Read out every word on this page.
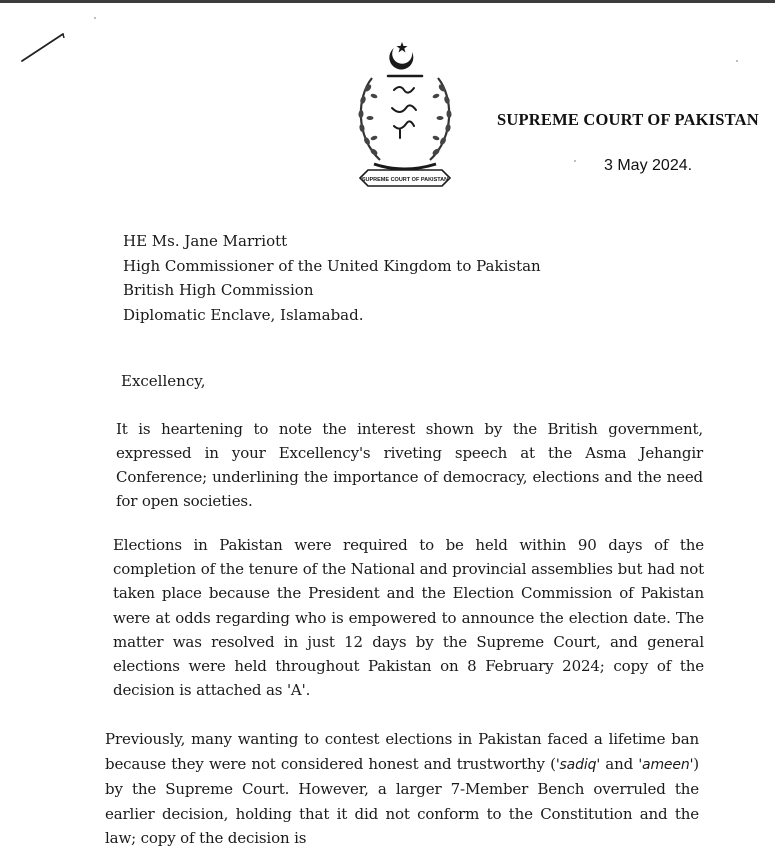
SUPREME COURT OF PAKISTAN
SUPREME COURT OF PAKISTAN
3 May 2024.
HE Ms. Jane Marriott
High Commissioner of the United Kingdom to Pakistan
British High Commission
Diplomatic Enclave, Islamabad.
Excellency,

It is heartening to note the interest shown by the British government, expressed in your Excellency's riveting speech at the Asma Jehangir Conference; underlining the importance of democracy, elections and the need for open societies.

Elections in Pakistan were required to be held within 90 days of the completion of the tenure of the National and provincial assemblies but had not taken place because the President and the Election Commission of Pakistan were at odds regarding who is empowered to announce the election date. The matter was resolved in just 12 days by the Supreme Court, and general elections were held throughout Pakistan on 8 February 2024; copy of the decision is attached as 'A'.

Previously, many wanting to contest elections in Pakistan faced a lifetime ban because they were not considered honest and trustworthy ('sadiq' and 'ameen') by the Supreme Court. However, a larger 7-Member Bench overruled the earlier decision, holding that it did not conform to the Constitution and the law; copy of the decision is
